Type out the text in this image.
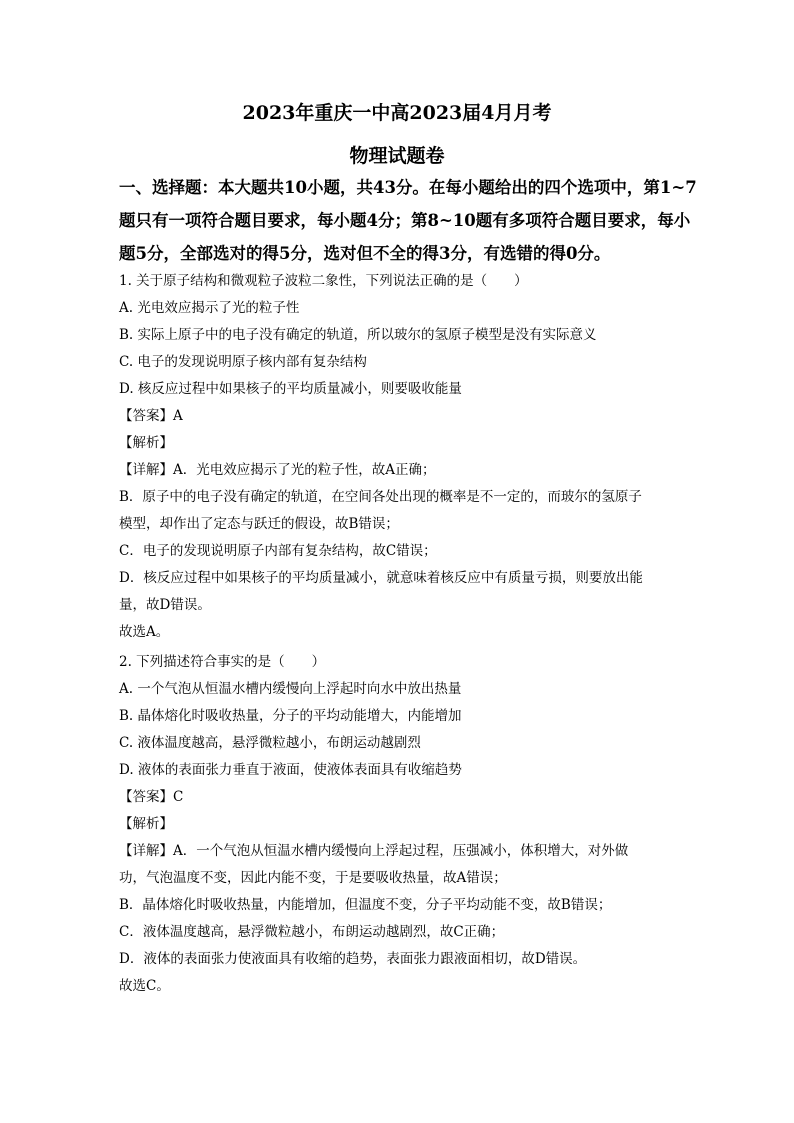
2023年重庆一中高2023届4月月考
物理试题卷
一、选择题：本大题共10小题，共43分。在每小题给出的四个选项中，第1~7
题只有一项符合题目要求，每小题4分；第8~10题有多项符合题目要求，每小
题5分，全部选对的得5分，选对但不全的得3分，有选错的得0分。
1. 关于原子结构和微观粒子波粒二象性，下列说法正确的是（　　）
A. 光电效应揭示了光的粒子性
B. 实际上原子中的电子没有确定的轨道，所以玻尔的氢原子模型是没有实际意义
C. 电子的发现说明原子核内部有复杂结构
D. 核反应过程中如果核子的平均质量减小，则要吸收能量
【答案】A
【解析】
【详解】A．光电效应揭示了光的粒子性，故A正确；
B．原子中的电子没有确定的轨道，在空间各处出现的概率是不一定的，而玻尔的氢原子
模型，却作出了定态与跃迁的假设，故B错误；
C．电子的发现说明原子内部有复杂结构，故C错误；
D．核反应过程中如果核子的平均质量减小，就意味着核反应中有质量亏损，则要放出能
量，故D错误。
故选A。
2. 下列描述符合事实的是（　　）
A. 一个气泡从恒温水槽内缓慢向上浮起时向水中放出热量
B. 晶体熔化时吸收热量，分子的平均动能增大，内能增加
C. 液体温度越高，悬浮微粒越小，布朗运动越剧烈
D. 液体的表面张力垂直于液面，使液体表面具有收缩趋势
【答案】C
【解析】
【详解】A．一个气泡从恒温水槽内缓慢向上浮起过程，压强减小，体积增大，对外做
功，气泡温度不变，因此内能不变，于是要吸收热量，故A错误；
B．晶体熔化时吸收热量，内能增加，但温度不变，分子平均动能不变，故B错误；
C．液体温度越高，悬浮微粒越小，布朗运动越剧烈，故C正确；
D．液体的表面张力使液面具有收缩的趋势，表面张力跟液面相切，故D错误。
故选C。
